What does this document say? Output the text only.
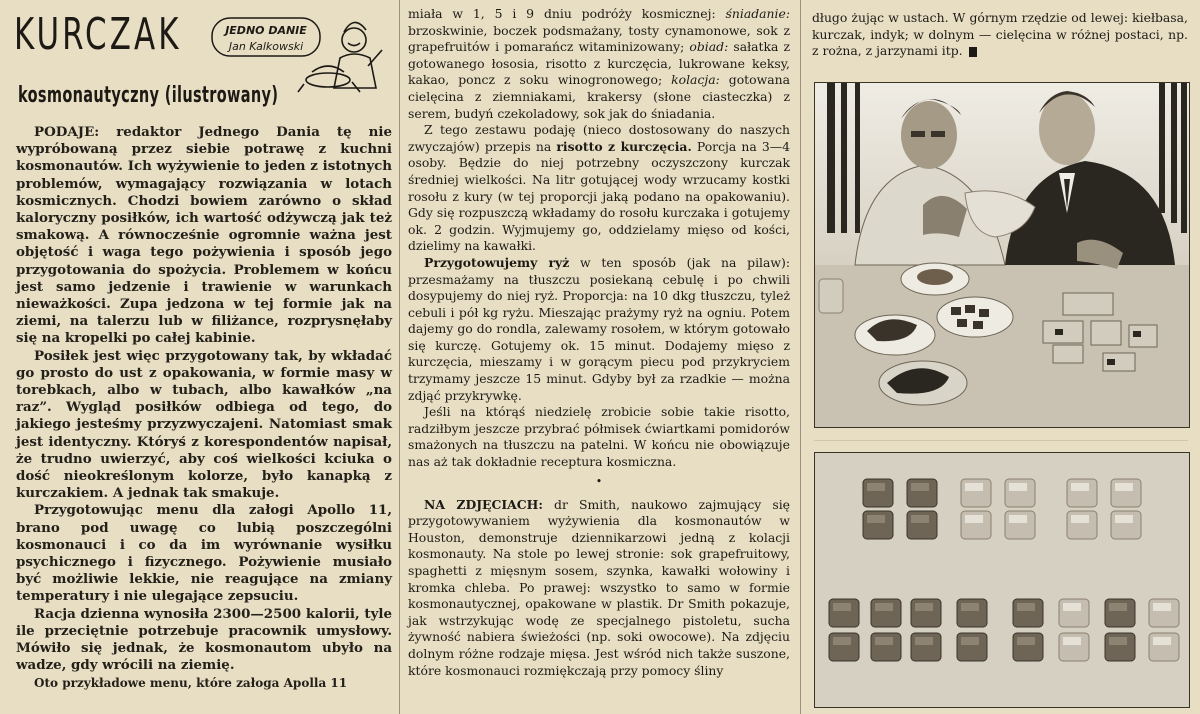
KURCZAK
kosmonautyczny (ilustrowany)
JEDNO DANIE
Jan Kalkowski

PODAJE: redaktor Jednego Dania tę nie wypróbowaną przez siebie potrawę z kuchni kosmonautów. Ich wyżywienie to jeden z istotnych problemów, wymagający rozwiązania w lotach kosmicznych. Chodzi bowiem zarówno o skład kaloryczny posiłków, ich wartość odżywczą jak też smakową. A równocześnie ogromnie ważna jest objętość i waga tego pożywienia i sposób jego przygotowania do spożycia. Problemem w końcu jest samo jedzenie i trawienie w warunkach nieważkości. Zupa jedzona w tej formie jak na ziemi, na talerzu lub w filiżance, rozprysnęłaby się na kropelki po całej kabinie.

Posiłek jest więc przygotowany tak, by wkładać go prosto do ust z opakowania, w formie masy w torebkach, albo w tubach, albo kawałków „na raz”. Wygląd posiłków odbiega od tego, do jakiego jesteśmy przyzwyczajeni. Natomiast smak jest identyczny. Któryś z korespondentów napisał, że trudno uwierzyć, aby coś wielkości kciuka o dość nieokreślonym kolorze, było kanapką z kurczakiem. A jednak tak smakuje.

Przygotowując menu dla załogi Apollo 11, brano pod uwagę co lubią poszczególni kosmonauci i co da im wyrównanie wysiłku psychicznego i fizycznego. Pożywienie musiało być możliwie lekkie, nie reagujące na zmiany temperatury i nie ulegające zepsuciu.

Racja dzienna wynosiła 2300—2500 kalorii, tyle ile przeciętnie potrzebuje pracownik umysłowy. Mówiło się jednak, że kosmonautom ubyło na wadze, gdy wrócili na ziemię.

Oto przykładowe menu, które załoga Apolla 11

miała w 1, 5 i 9 dniu podróży kosmicznej: śniadanie: brzoskwinie, boczek podsmażany, tosty cynamonowe, sok z grapefruitów i pomarańcz witaminizowany; obiad: sałatka z gotowanego łososia, risotto z kurczęcia, lukrowane keksy, kakao, poncz z soku winogronowego; kolacja: gotowana cielęcina z ziemniakami, krakersy (słone ciasteczka) z serem, budyń czekoladowy, sok jak do śniadania.

Z tego zestawu podaję (nieco dostosowany do naszych zwyczajów) przepis na risotto z kurczęcia. Porcja na 3—4 osoby. Będzie do niej potrzebny oczyszczony kurczak średniej wielkości. Na litr gotującej wody wrzucamy kostki rosołu z kury (w tej proporcji jaką podano na opakowaniu). Gdy się rozpuszczą wkładamy do rosołu kurczaka i gotujemy ok. 2 godzin. Wyjmujemy go, oddzielamy mięso od kości, dzielimy na kawałki.

Przygotowujemy ryż w ten sposób (jak na pilaw): przesmażamy na tłuszczu posiekaną cebulę i po chwili dosypujemy do niej ryż. Proporcja: na 10 dkg tłuszczu, tyleż cebuli i pół kg ryżu. Mieszając prażymy ryż na ogniu. Potem dajemy go do rondla, zalewamy rosołem, w którym gotowało się kurczę. Gotujemy ok. 15 minut. Dodajemy mięso z kurczęcia, mieszamy i w gorącym piecu pod przykryciem trzymamy jeszcze 15 minut. Gdyby był za rzadkie — można zdjąć przykrywkę.

Jeśli na którąś niedzielę zrobicie sobie takie risotto, radziłbym jeszcze przybrać półmisek ćwiartkami pomidorów smażonych na tłuszczu na patelni. W końcu nie obowiązuje nas aż tak dokładnie receptura kosmiczna.

•

NA ZDJĘCIACH: dr Smith, naukowo zajmujący się przygotowywaniem wyżywienia dla kosmonautów w Houston, demonstruje dziennikarzowi jedną z kolacji kosmonauty. Na stole po lewej stronie: sok grapefruitowy, spaghetti z mięsnym sosem, szynka, kawałki wołowiny i kromka chleba. Po prawej: wszystko to samo w formie kosmonautycznej, opakowane w plastik. Dr Smith pokazuje, jak wstrzykując wodę ze specjalnego pistoletu, sucha żywność nabiera świeżości (np. soki owocowe). Na zdjęciu dolnym różne rodzaje mięsa. Jest wśród nich także suszone, które kosmonauci rozmiękczają przy pomocy śliny

długo żując w ustach. W górnym rzędzie od lewej: kiełbasa, kurczak, indyk; w dolnym — cielęcina w różnej postaci, np. z rożna, z jarzynami itp.
